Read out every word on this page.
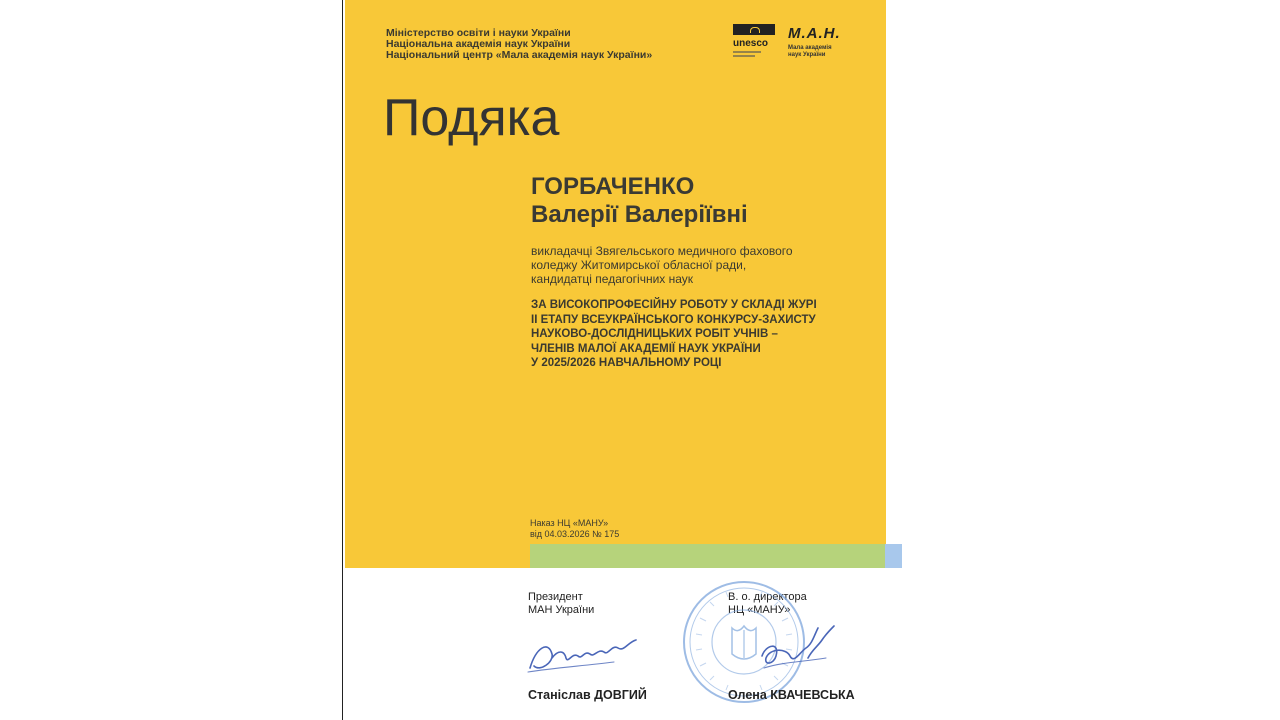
Міністерство освіти і науки України
Національна академія наук України
Національний центр «Мала академія наук України»
unesco
М.А.Н.
Мала академія
наук України
Подяка
ГОРБАЧЕНКО
Валерії Валеріївні
викладачці Звягельського медичного фахового
коледжу Житомирської обласної ради,
кандидатці педагогічних наук
ЗА ВИСОКОПРОФЕСІЙНУ РОБОТУ У СКЛАДІ ЖУРІ
ІІ ЕТАПУ ВСЕУКРАЇНСЬКОГО КОНКУРСУ-ЗАХИСТУ
НАУКОВО-ДОСЛІДНИЦЬКИХ РОБІТ УЧНІВ –
ЧЛЕНІВ МАЛОЇ АКАДЕМІЇ НАУК УКРАЇНИ
У 2025/2026 НАВЧАЛЬНОМУ РОЦІ
Наказ НЦ «МАНУ»
від 04.03.2026 № 175
Президент
МАН України
В. о. директора
НЦ «МАНУ»
Станіслав ДОВГИЙ	Олена КВАЧЕВСЬКА
